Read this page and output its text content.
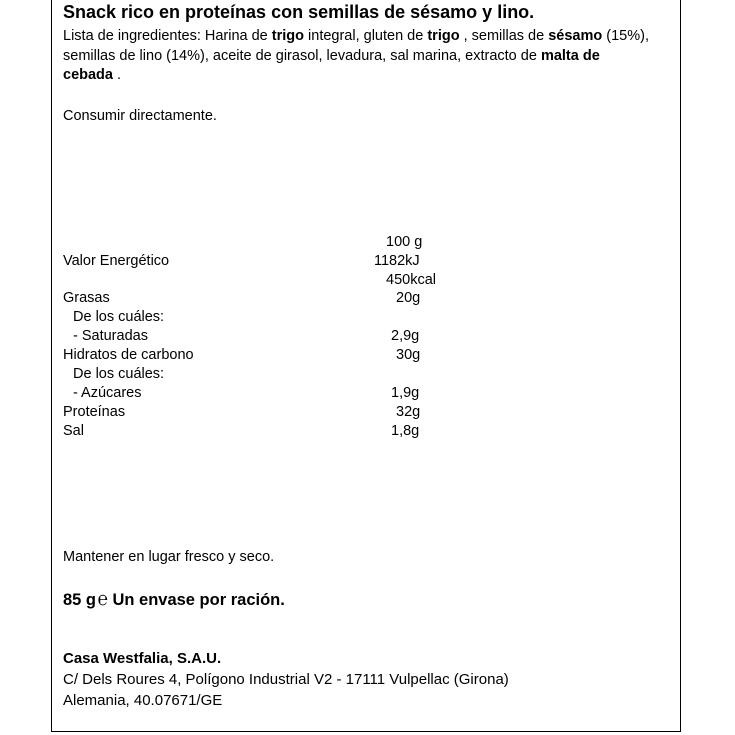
Snack rico en proteínas con semillas de sésamo y lino.
Lista de ingredientes: Harina de trigo integral, gluten de trigo , semillas de sésamo (15%), semillas de lino (14%), aceite de girasol, levadura, sal marina, extracto de malta de cebada .
Consumir directamente.
100 g
Valor Energético	1182kJ
450kcal
Grasas	20g
De los cuáles:
- Saturadas	2,9g
Hidratos de carbono	30g
De los cuáles:
- Azúcares	1,9g
Proteínas	32g
Sal	1,8g
Mantener en lugar fresco y seco.
85 g℮ Un envase por ración.
Casa Westfalia, S.A.U.
C/ Dels Roures 4, Polígono Industrial V2 - 17111 Vulpellac (Girona)
Alemania, 40.07671/GE
